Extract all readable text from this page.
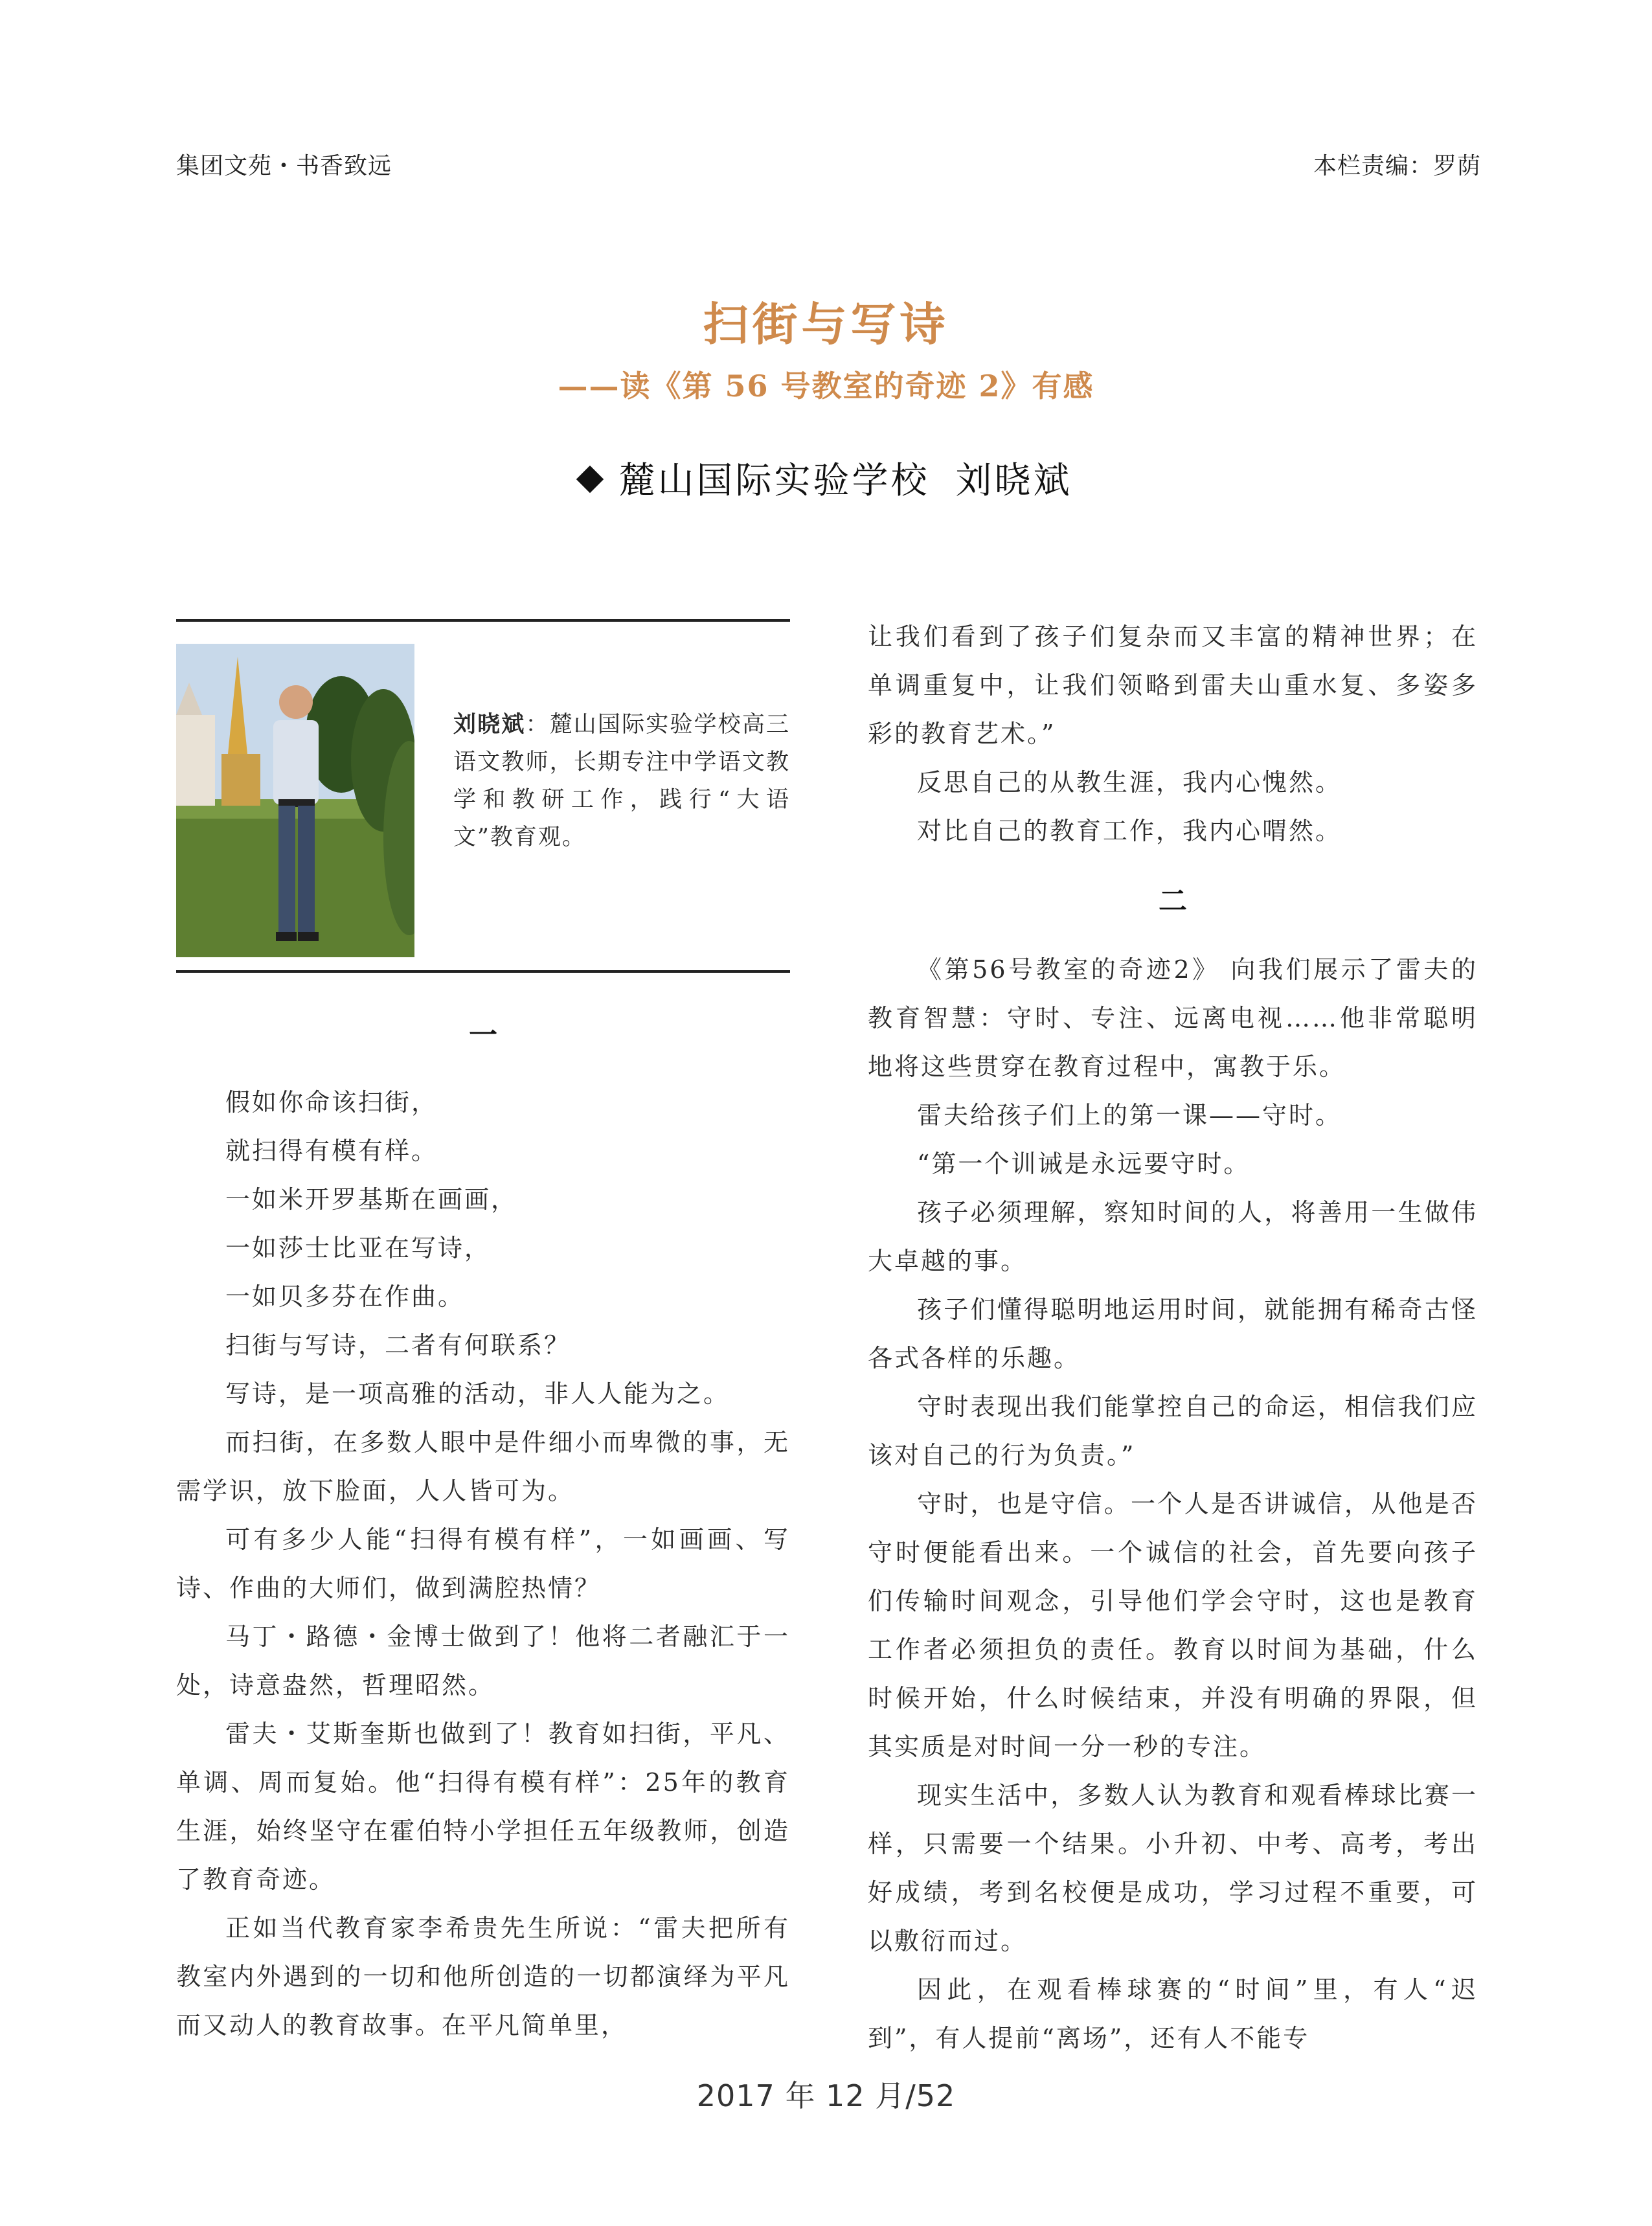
集团文苑・书香致远	本栏责编：罗荫
扫街与写诗
——读《第 56 号教室的奇迹 2》有感
麓山国际实验学校 刘晓斌
刘晓斌：麓山国际实验学校高三语文教师，长期专注中学语文教学和教研工作，践行“大语文”教育观。
一
二

假如你命该扫街，

就扫得有模有样。

一如米开罗基斯在画画，

一如莎士比亚在写诗，

一如贝多芬在作曲。

扫街与写诗，二者有何联系？

写诗，是一项高雅的活动，非人人能为之。

而扫街，在多数人眼中是件细小而卑微的事，无需学识，放下脸面，人人皆可为。

可有多少人能“扫得有模有样”，一如画画、写诗、作曲的大师们，做到满腔热情？

马丁・路德・金博士做到了！他将二者融汇于一处，诗意盎然，哲理昭然。

雷夫・艾斯奎斯也做到了！教育如扫街，平凡、单调、周而复始。他“扫得有模有样”：25年的教育生涯，始终坚守在霍伯特小学担任五年级教师，创造了教育奇迹。

正如当代教育家李希贵先生所说：“雷夫把所有教室内外遇到的一切和他所创造的一切都演绎为平凡而又动人的教育故事。在平凡简单里，

让我们看到了孩子们复杂而又丰富的精神世界；在单调重复中，让我们领略到雷夫山重水复、多姿多彩的教育艺术。”

反思自己的从教生涯，我内心愧然。

对比自己的教育工作，我内心喟然。

《第56号教室的奇迹2》 向我们展示了雷夫的教育智慧：守时、专注、远离电视……他非常聪明地将这些贯穿在教育过程中，寓教于乐。

雷夫给孩子们上的第一课——守时。

“第一个训诫是永远要守时。

孩子必须理解，察知时间的人，将善用一生做伟大卓越的事。

孩子们懂得聪明地运用时间，就能拥有稀奇古怪各式各样的乐趣。

守时表现出我们能掌控自己的命运，相信我们应该对自己的行为负责。”

守时，也是守信。一个人是否讲诚信，从他是否守时便能看出来。一个诚信的社会，首先要向孩子们传输时间观念，引导他们学会守时，这也是教育工作者必须担负的责任。教育以时间为基础，什么时候开始，什么时候结束，并没有明确的界限，但其实质是对时间一分一秒的专注。

现实生活中，多数人认为教育和观看棒球比赛一样，只需要一个结果。小升初、中考、高考，考出好成绩，考到名校便是成功，学习过程不重要，可以敷衍而过。

因此，在观看棒球赛的“时间”里，有人“迟到”，有人提前“离场”，还有人不能专

2017 年 12 月/52
